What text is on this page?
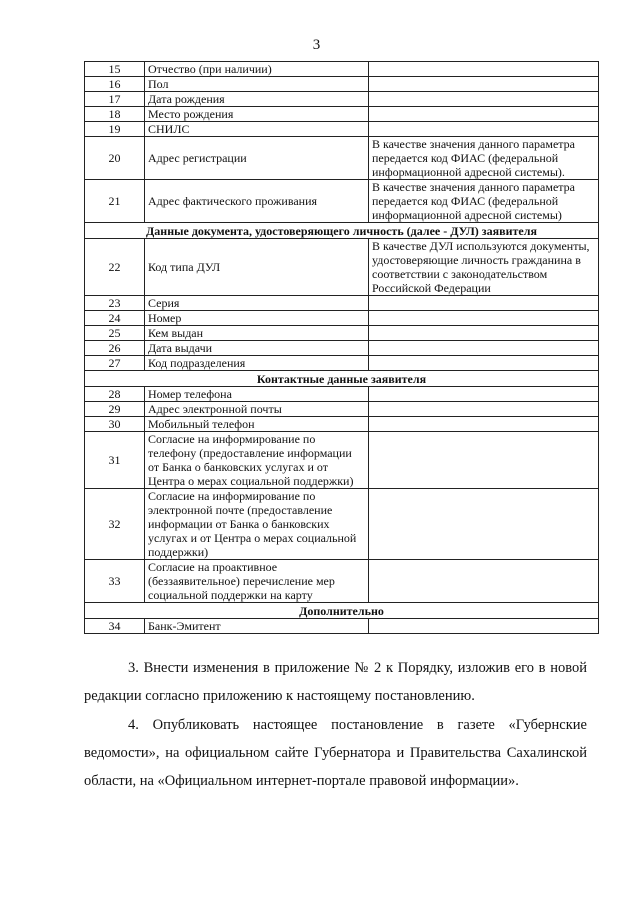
3
15	Отчество (при наличии)	
16	Пол	
17	Дата рождения	
18	Место рождения	
19	СНИЛС	
20	Адрес регистрации	В качестве значения данного параметра передается код ФИАС (федеральной информационной адресной системы).
21	Адрес фактического проживания	В качестве значения данного параметра передается код ФИАС (федеральной информационной адресной системы)
Данные документа, удостоверяющего личность (далее - ДУЛ) заявителя		
22	Код типа ДУЛ	В качестве ДУЛ используются документы, удостоверяющие личность гражданина в соответствии с законодательством Российской Федерации
23	Серия	
24	Номер	
25	Кем выдан	
26	Дата выдачи	
27	Код подразделения	
Контактные данные заявителя		
28	Номер телефона	
29	Адрес электронной почты	
30	Мобильный телефон	
31	Согласие на информирование по телефону (предоставление информации от Банка о банковских услугах и от Центра о мерах социальной поддержки)	
32	Согласие на информирование по электронной почте (предоставление информации от Банка о банковских услугах и от Центра о мерах социальной поддержки)	
33	Согласие на проактивное (беззаявительное) перечисление мер социальной поддержки на карту	
Дополнительно		
34	Банк-Эмитент	
3. Внести изменения в приложение № 2 к Порядку, изложив его в новой редакции согласно приложению к настоящему постановлению.
4. Опубликовать настоящее постановление в газете «Губернские ведомости», на официальном сайте Губернатора и Правительства Сахалинской области, на «Официальном интернет-портале правовой информации».
